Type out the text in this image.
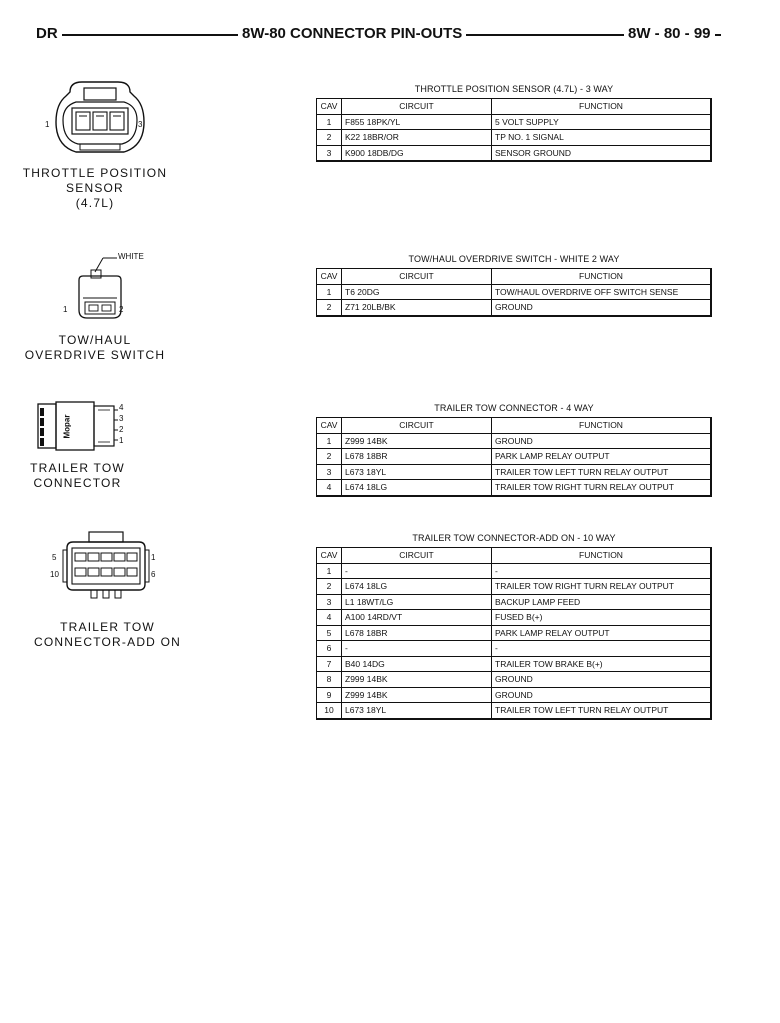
DR	8W-80 CONNECTOR PIN-OUTS	8W - 80 - 99
1	3
THROTTLE POSITION
SENSOR
(4.7L)
THROTTLE POSITION SENSOR (4.7L) - 3 WAY
CAV	CIRCUIT	FUNCTION
1	F855 18PK/YL	5 VOLT SUPPLY
2	K22 18BR/OR	TP NO. 1 SIGNAL
3	K900 18DB/DG	SENSOR GROUND
WHITE
1	2
TOW/HAUL
OVERDRIVE SWITCH
TOW/HAUL OVERDRIVE SWITCH - WHITE 2 WAY
CAV	CIRCUIT	FUNCTION
1	T6 20DG	TOW/HAUL OVERDRIVE OFF SWITCH SENSE
2	Z71 20LB/BK	GROUND
Mopar
4
3
2
1
TRAILER TOW
CONNECTOR
TRAILER TOW CONNECTOR - 4 WAY
CAV	CIRCUIT	FUNCTION
1	Z999 14BK	GROUND
2	L678 18BR	PARK LAMP RELAY OUTPUT
3	L673 18YL	TRAILER TOW LEFT TURN RELAY OUTPUT
4	L674 18LG	TRAILER TOW RIGHT TURN RELAY OUTPUT
5	1
10	6
TRAILER TOW
CONNECTOR-ADD ON
TRAILER TOW CONNECTOR-ADD ON - 10 WAY
CAV	CIRCUIT	FUNCTION
1	-	-
2	L674 18LG	TRAILER TOW RIGHT TURN RELAY OUTPUT
3	L1 18WT/LG	BACKUP LAMP FEED
4	A100 14RD/VT	FUSED B(+)
5	L678 18BR	PARK LAMP RELAY OUTPUT
6	-	-
7	B40 14DG	TRAILER TOW BRAKE B(+)
8	Z999 14BK	GROUND
9	Z999 14BK	GROUND
10	L673 18YL	TRAILER TOW LEFT TURN RELAY OUTPUT
